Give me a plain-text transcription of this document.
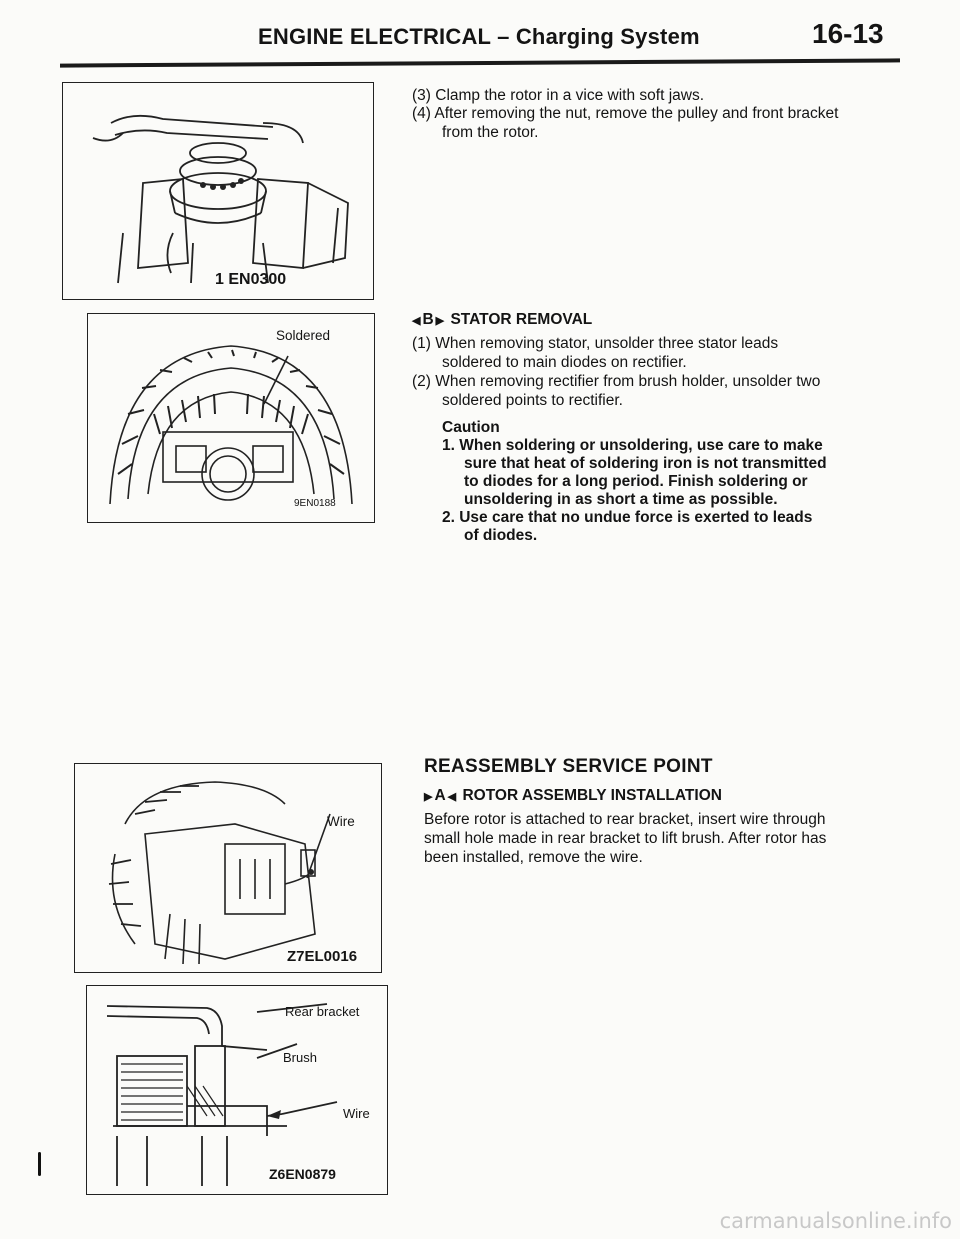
ENGINE ELECTRICAL – Charging System	16-13
1 EN0300
Soldered
9EN0188
Wire
Z7EL0016
Rear bracket
Brush
Wire
Z6EN0879
(3) Clamp the rotor in a vice with soft jaws.
(4) After removing the nut, remove the pulley and front bracket
from the rotor.
◀ B ▶ STATOR REMOVAL
(1) When removing stator, unsolder three stator leads
soldered to main diodes on rectifier.
(2) When removing rectifier from brush holder, unsolder two
soldered points to rectifier.
Caution
1. When soldering or unsoldering, use care to make
sure that heat of soldering iron is not transmitted
to diodes for a long period. Finish soldering or
unsoldering in as short a time as possible.
2. Use care that no undue force is exerted to leads
of diodes.
REASSEMBLY SERVICE POINT
▶ A ◀ ROTOR ASSEMBLY INSTALLATION
Before rotor is attached to rear bracket, insert wire through
small hole made in rear bracket to lift brush. After rotor has
been installed, remove the wire.
carmanualsonline.info
